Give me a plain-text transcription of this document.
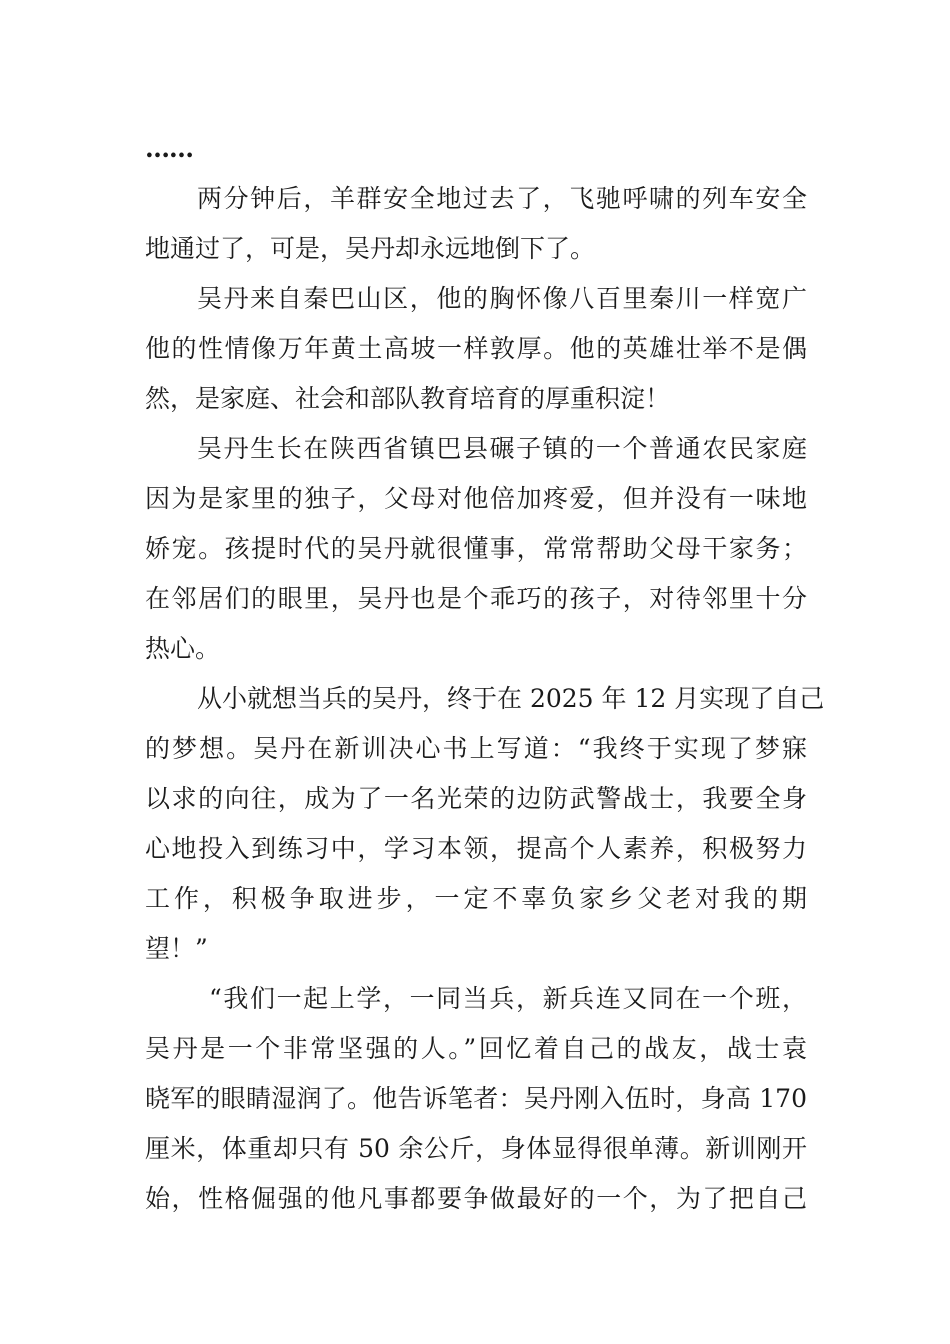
……
两分钟后，羊群安全地过去了，飞驰呼啸的列车安全
地通过了，可是，吴丹却永远地倒下了。
吴丹来自秦巴山区，他的胸怀像八百里秦川一样宽广
他的性情像万年黄土高坡一样敦厚。他的英雄壮举不是偶
然，是家庭、社会和部队教育培育的厚重积淀！
吴丹生长在陕西省镇巴县碾子镇的一个普通农民家庭
因为是家里的独子，父母对他倍加疼爱，但并没有一味地
娇宠。孩提时代的吴丹就很懂事，常常帮助父母干家务；
在邻居们的眼里，吴丹也是个乖巧的孩子，对待邻里十分
热心。
从小就想当兵的吴丹，终于在 2025 年 12 月实现了自己
的梦想。吴丹在新训决心书上写道：“我终于实现了梦寐
以求的向往，成为了一名光荣的边防武警战士，我要全身
心地投入到练习中，学习本领，提高个人素养，积极努力
工作，积极争取进步，一定不辜负家乡父老对我的期
望！”
“我们一起上学，一同当兵，新兵连又同在一个班，
吴丹是一个非常坚强的人。”回忆着自己的战友，战士袁
晓军的眼睛湿润了。他告诉笔者：吴丹刚入伍时，身高 170
厘米，体重却只有 50 余公斤，身体显得很单薄。新训刚开
始，性格倔强的他凡事都要争做最好的一个，为了把自己
